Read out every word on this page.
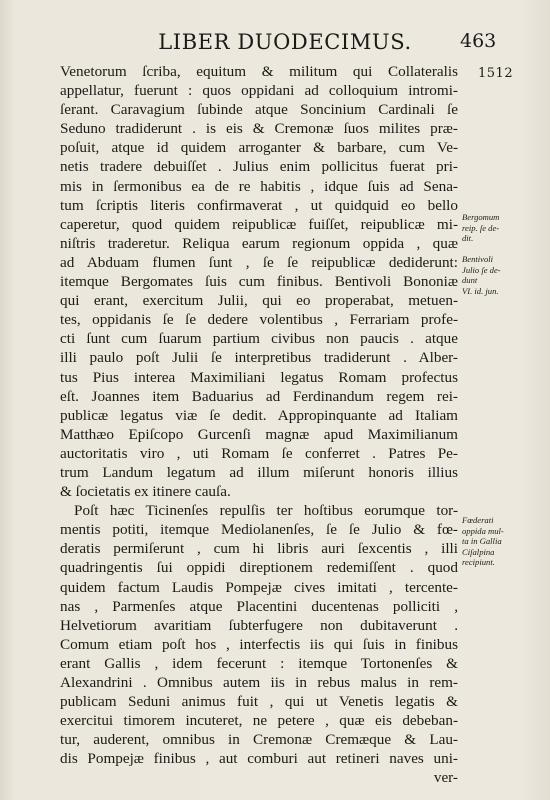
LIBER DUODECIMUS.	463
1512
Venetorum ſcriba, equitum & militum qui Collateralis
appellatur, fuerunt : quos oppidani ad colloquium intromi-
ſerant. Caravagium ſubinde atque Soncinium Cardinali ſe
Seduno tradiderunt . is eis & Cremonæ ſuos milites præ-
poſuit, atque id quidem arroganter & barbare, cum Ve-
netis tradere debuiſſet . Julius enim pollicitus fuerat pri-
mis in ſermonibus ea de re habitis , idque ſuis ad Sena-
tum ſcriptis literis confirmaverat , ut quidquid eo bello
caperetur, quod quidem reipublicæ fuiſſet, reipublicæ mi-
niſtris traderetur. Reliqua earum regionum oppida , quæ
ad Abduam flumen ſunt , ſe ſe reipublicæ dediderunt:
itemque Bergomates ſuis cum finibus. Bentivoli Bononiæ
qui erant, exercitum Julii, qui eo properabat, metuen-
tes, oppidanis ſe ſe dedere volentibus , Ferrariam profe-
cti ſunt cum ſuarum partium civibus non paucis . atque
illi paulo poſt Julii ſe interpretibus tradiderunt . Alber-
tus Pius interea Maximiliani legatus Romam profectus
eſt. Joannes item Baduarius ad Ferdinandum regem rei-
publicæ legatus viæ ſe dedit. Appropinquante ad Italiam
Matthæo Epiſcopo Gurcenſi magnæ apud Maximilianum
auctoritatis viro , uti Romam ſe conferret . Patres Pe-
trum Landum legatum ad illum miſerunt honoris illius
& ſocietatis ex itinere cauſa.
Poſt hæc Ticinenſes repulſis ter hoſtibus eorumque tor-
mentis potiti, itemque Mediolanenſes, ſe ſe Julio & fœ-
deratis permiſerunt , cum hi libris auri ſexcentis , illi
quadringentis ſui oppidi direptionem redemiſſent . quod
quidem factum Laudis Pompejæ cives imitati , tercente-
nas , Parmenſes atque Placentini ducentenas polliciti ,
Helvetiorum avaritiam ſubterfugere non dubitaverunt .
Comum etiam poſt hos , interfectis iis qui ſuis in finibus
erant Gallis , idem fecerunt : itemque Tortonenſes &
Alexandrini . Omnibus autem iis in rebus malus in rem-
publicam Seduni animus fuit , qui ut Venetis legatis &
exercitui timorem incuteret, ne petere , quæ eis debeban-
tur, auderent, omnibus in Cremonæ Cremæque & Lau-
dis Pompejæ finibus , aut comburi aut retineri naves uni-
ver-
Bergomum
reip. ſe de-
dit.
Bentivoli
Julio ſe de-
dunt
VI. id. jun.
Fœderati
oppida mul-
ta in Gallia
Ciſalpina
recipiunt.
